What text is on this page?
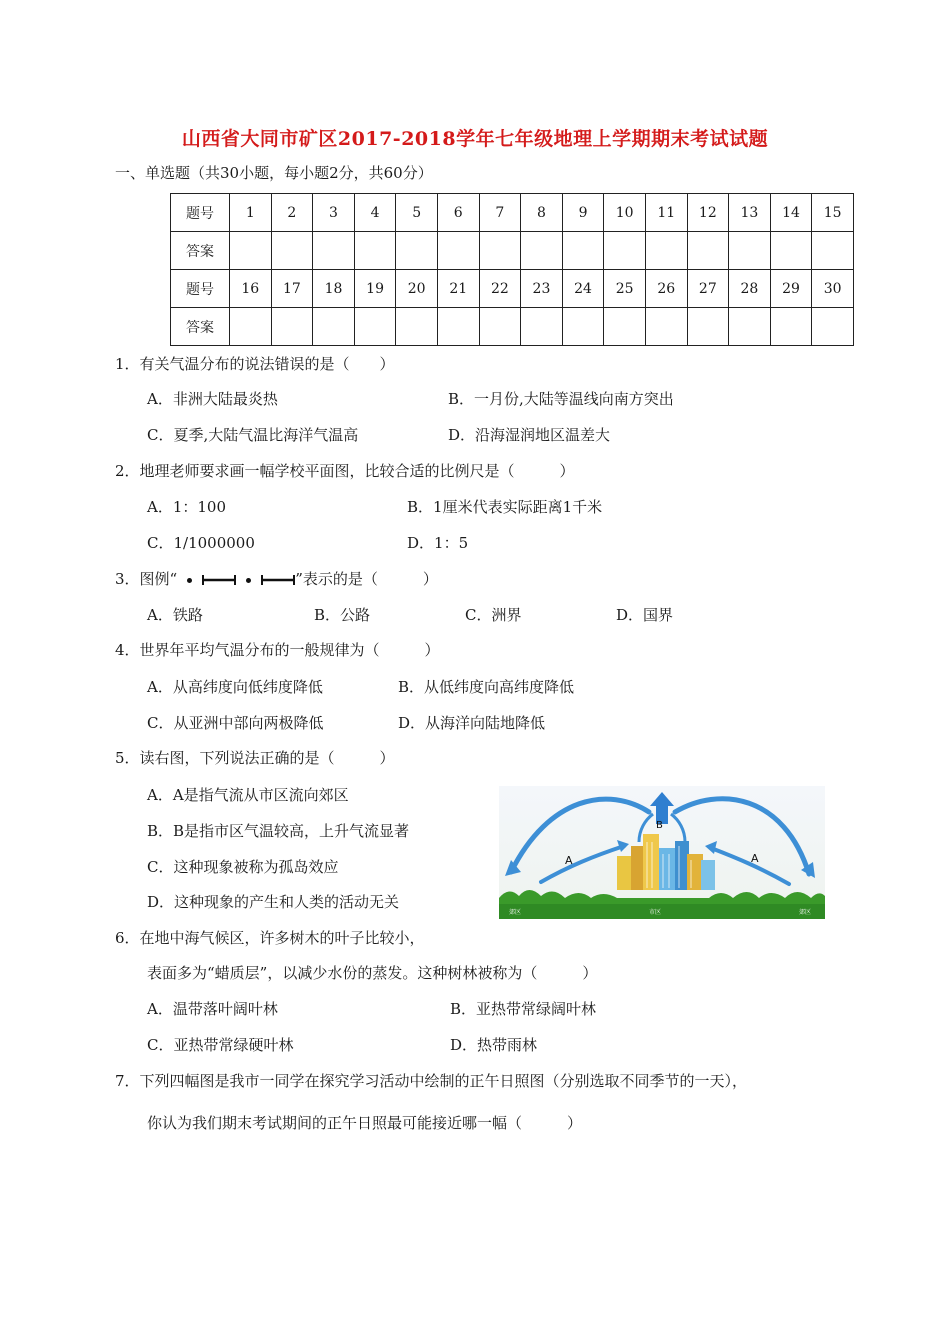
山西省大同市矿区2017-2018学年七年级地理上学期期末考试试题
一、单选题（共30小题，每小题2分，共60分）
题号	1	2	3	4	5	6	7	8	9	10	11	12	13	14	15
答案															
题号	16	17	18	19	20	21	22	23	24	25	26	27	28	29	30
答案															
1．有关气温分布的说法错误的是（　　）
A．非洲大陆最炎热	B．一月份,大陆等温线向南方突出
C．夏季,大陆气温比海洋气温高	D．沿海湿润地区温差大
2．地理老师要求画一幅学校平面图，比较合适的比例尺是（　　　）
A．1：100	B．1厘米代表实际距离1千米
C．1/1000000	D．1：5
3．图例“	”表示的是（　　　）
A．铁路	B．公路	C．洲界	D．国界
4．世界年平均气温分布的一般规律为（　　　）
A．从高纬度向低纬度降低	B．从低纬度向高纬度降低
C．从亚洲中部向两极降低	D．从海洋向陆地降低
5．读右图，下列说法正确的是（　　　）
A．A是指气流从市区流向郊区
B．B是指市区气温较高，上升气流显著
C．这种现象被称为孤岛效应
D．这种现象的产生和人类的活动无关
A	A
B
郊区	市区	郊区
6．在地中海气候区，许多树木的叶子比较小，
表面多为“蜡质层”，以减少水份的蒸发。这种树林被称为（　　　）
A．温带落叶阔叶林	B．亚热带常绿阔叶林
C．亚热带常绿硬叶林	D．热带雨林
7．下列四幅图是我市一同学在探究学习活动中绘制的正午日照图（分别选取不同季节的一天），
你认为我们期末考试期间的正午日照最可能接近哪一幅（　　　）
